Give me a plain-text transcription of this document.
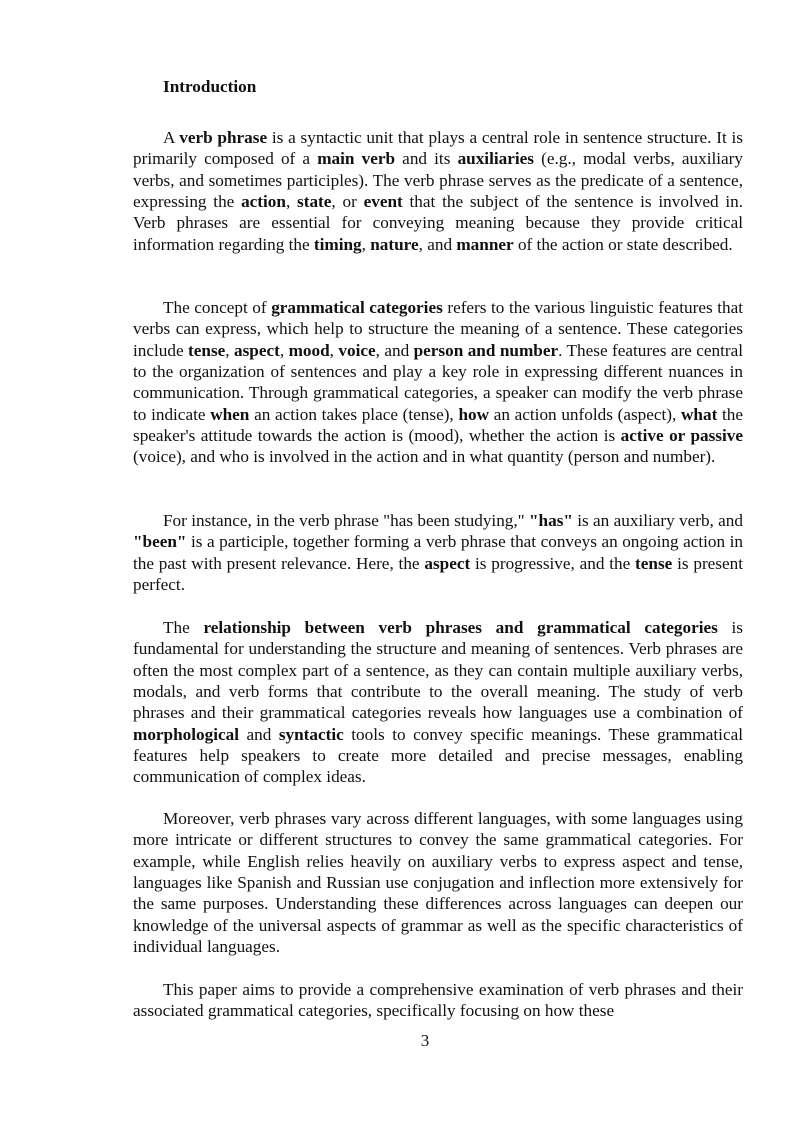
Introduction

A verb phrase is a syntactic unit that plays a central role in sentence structure. It is primarily composed of a main verb and its auxiliaries (e.g., modal verbs, auxiliary verbs, and sometimes participles). The verb phrase serves as the predicate of a sentence, expressing the action, state, or event that the subject of the sentence is involved in. Verb phrases are essential for conveying meaning because they provide critical information regarding the timing, nature, and manner of the action or state described.

The concept of grammatical categories refers to the various linguistic features that verbs can express, which help to structure the meaning of a sentence. These categories include tense, aspect, mood, voice, and person and number. These features are central to the organization of sentences and play a key role in expressing different nuances in communication. Through grammatical categories, a speaker can modify the verb phrase to indicate when an action takes place (tense), how an action unfolds (aspect), what the speaker's attitude towards the action is (mood), whether the action is active or passive (voice), and who is involved in the action and in what quantity (person and number).

For instance, in the verb phrase "has been studying," "has" is an auxiliary verb, and "been" is a participle, together forming a verb phrase that conveys an ongoing action in the past with present relevance. Here, the aspect is progressive, and the tense is present perfect.

The relationship between verb phrases and grammatical categories is fundamental for understanding the structure and meaning of sentences. Verb phrases are often the most complex part of a sentence, as they can contain multiple auxiliary verbs, modals, and verb forms that contribute to the overall meaning. The study of verb phrases and their grammatical categories reveals how languages use a combination of morphological and syntactic tools to convey specific meanings. These grammatical features help speakers to create more detailed and precise messages, enabling communication of complex ideas.

Moreover, verb phrases vary across different languages, with some languages using more intricate or different structures to convey the same grammatical categories. For example, while English relies heavily on auxiliary verbs to express aspect and tense, languages like Spanish and Russian use conjugation and inflection more extensively for the same purposes. Understanding these differences across languages can deepen our knowledge of the universal aspects of grammar as well as the specific characteristics of individual languages.

This paper aims to provide a comprehensive examination of verb phrases and their associated grammatical categories, specifically focusing on how these

3
